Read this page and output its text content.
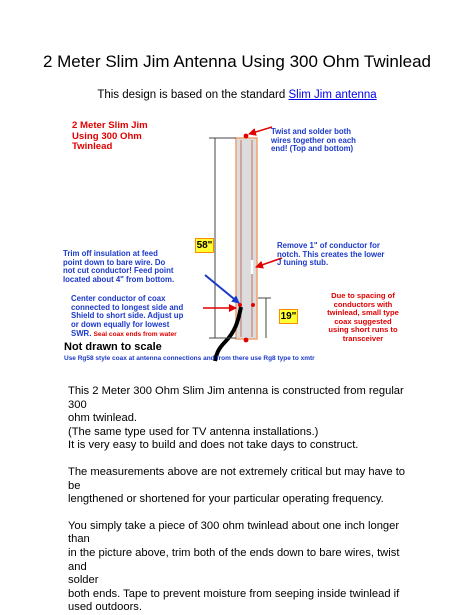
2 Meter Slim Jim Antenna Using 300 Ohm Twinlead
This design is based on the standard Slim Jim antenna
2 Meter Slim Jim
Using 300 Ohm
Twinlead
Twist and solder both
wires together on each
end! (Top and bottom)
58"
Trim off insulation at feed
point down to bare wire. Do
not cut conductor! Feed point
located about 4" from bottom.
Remove 1" of conductor for
notch. This creates the lower
J tuning stub.
Center conductor of coax
connected to longest side and
Shield to short side. Adjust up
or down equally for lowest
SWR. Seal coax ends from water
19"
Due to spacing of
conductors with
twinlead, small type
coax suggested
using short runs to
transceiver
Not drawn to scale
Use Rg58 style coax at antenna connections and from there use Rg8 type to xmtr

This 2 Meter 300 Ohm Slim Jim antenna is constructed from regular 300

ohm twinlead.

(The same type used for TV antenna installations.)

It is very easy to build and does not take days to construct.

The measurements above are not extremely critical but may have to be

lengthened or shortened for your particular operating frequency.

You simply take a piece of 300 ohm twinlead about one inch longer than

in the picture above, trim both of the ends down to bare wires, twist and

solder

both ends. Tape to prevent moisture from seeping inside twinlead if

used outdoors.
